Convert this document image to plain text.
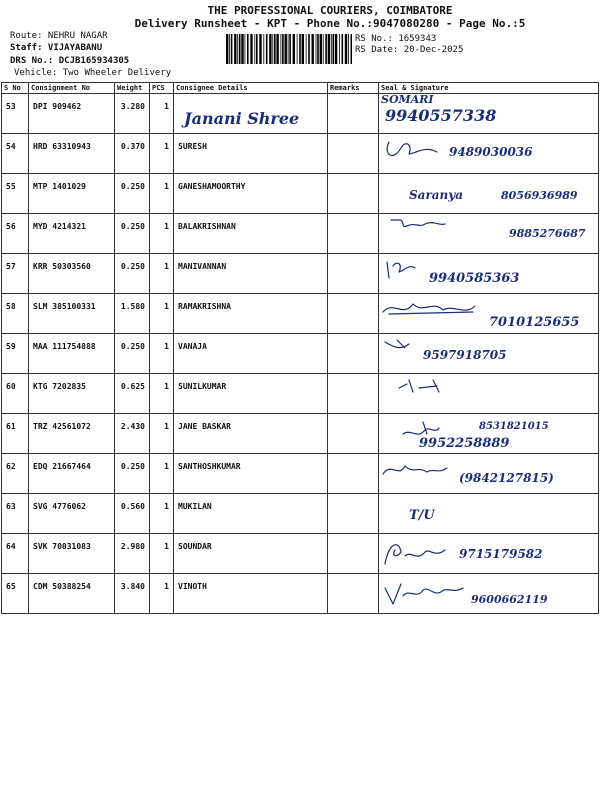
THE PROFESSIONAL COURIERS, COIMBATORE
Delivery Runsheet - KPT - Phone No.:9047080280 - Page No.:5
Route: NEHRU NAGAR
Staff: VIJAYABANU
DRS No.: DCJB165934305
Vehicle: Two Wheeler Delivery
RS No.: 1659343
RS Date: 20-Dec-2025
S No	Consignment No	Weight	PCS	Consignee Details	Remarks	Seal & Signature
53	DPI 909462	3.280	1	Janani Shree		SOMARI
9940557338

54	HRD 63310943	0.370	1	SURESH		9489030036

55	MTP 1401029	0.250	1	GANESHAMOORTHY		Saranya 8056936989

56	MYD 4214321	0.250	1	BALAKRISHNAN		9885276687

57	KRR 50303560	0.250	1	MANIVANNAN		9940585363

58	SLM 385100331	1.580	1	RAMAKRISHNA		7010125655

59	MAA 111754888	0.250	1	VANAJA		9597918705

60	KTG 7202835	0.625	1	SUNILKUMAR		

61	TRZ 42561072	2.430	1	JANE BASKAR		8531821015
9952258889

62	EDQ 21667464	0.250	1	SANTHOSHKUMAR		(9842127815)

63	SVG 4776062	0.560	1	MUKILAN		T/U

64	SVK 70031083	2.980	1	SOUNDAR		9715179582

65	CDM 50388254	3.840	1	VINOTH		9600662119
